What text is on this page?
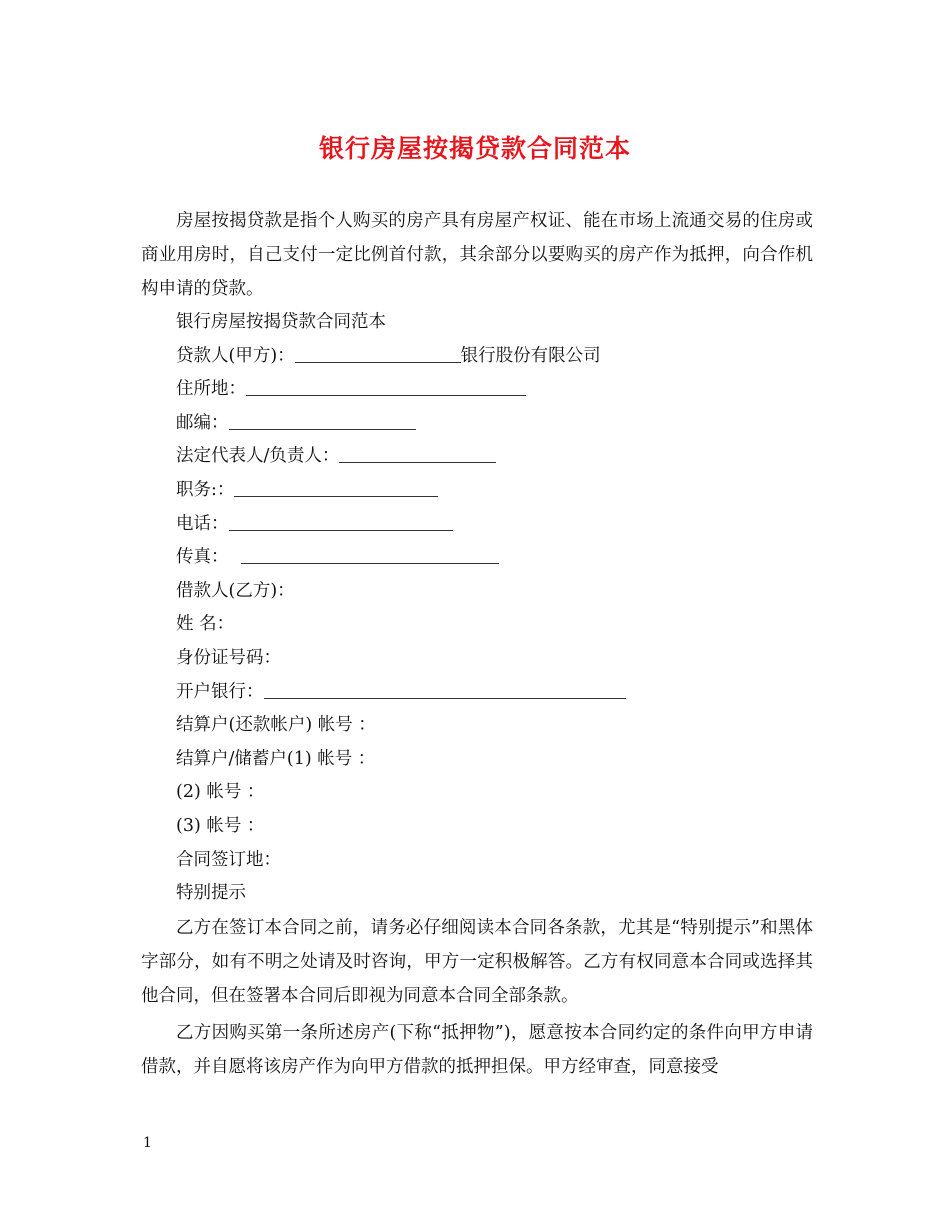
银行房屋按揭贷款合同范本

房屋按揭贷款是指个人购买的房产具有房屋产权证、能在市场上流通交易的住房或商业用房时，自己支付一定比例首付款，其余部分以要购买的房产作为抵押，向合作机构申请的贷款。

银行房屋按揭贷款合同范本

贷款人(甲方)：	银行股份有限公司

住所地：

邮编：

法定代表人/负责人：

职务:：

电话：

传真：

借款人(乙方)：

姓 名：

身份证号码：

开户银行：

结算户(还款帐户) 帐号 ：

结算户/储蓄户(1) 帐号 ：

(2) 帐号 ：

(3) 帐号 ：

合同签订地：

特别提示

乙方在签订本合同之前，请务必仔细阅读本合同各条款，尤其是“特别提示”和黑体字部分，如有不明之处请及时咨询，甲方一定积极解答。乙方有权同意本合同或选择其他合同，但在签署本合同后即视为同意本合同全部条款。

乙方因购买第一条所述房产(下称“抵押物”)，愿意按本合同约定的条件向甲方申请借款，并自愿将该房产作为向甲方借款的抵押担保。甲方经审查，同意接受

1
